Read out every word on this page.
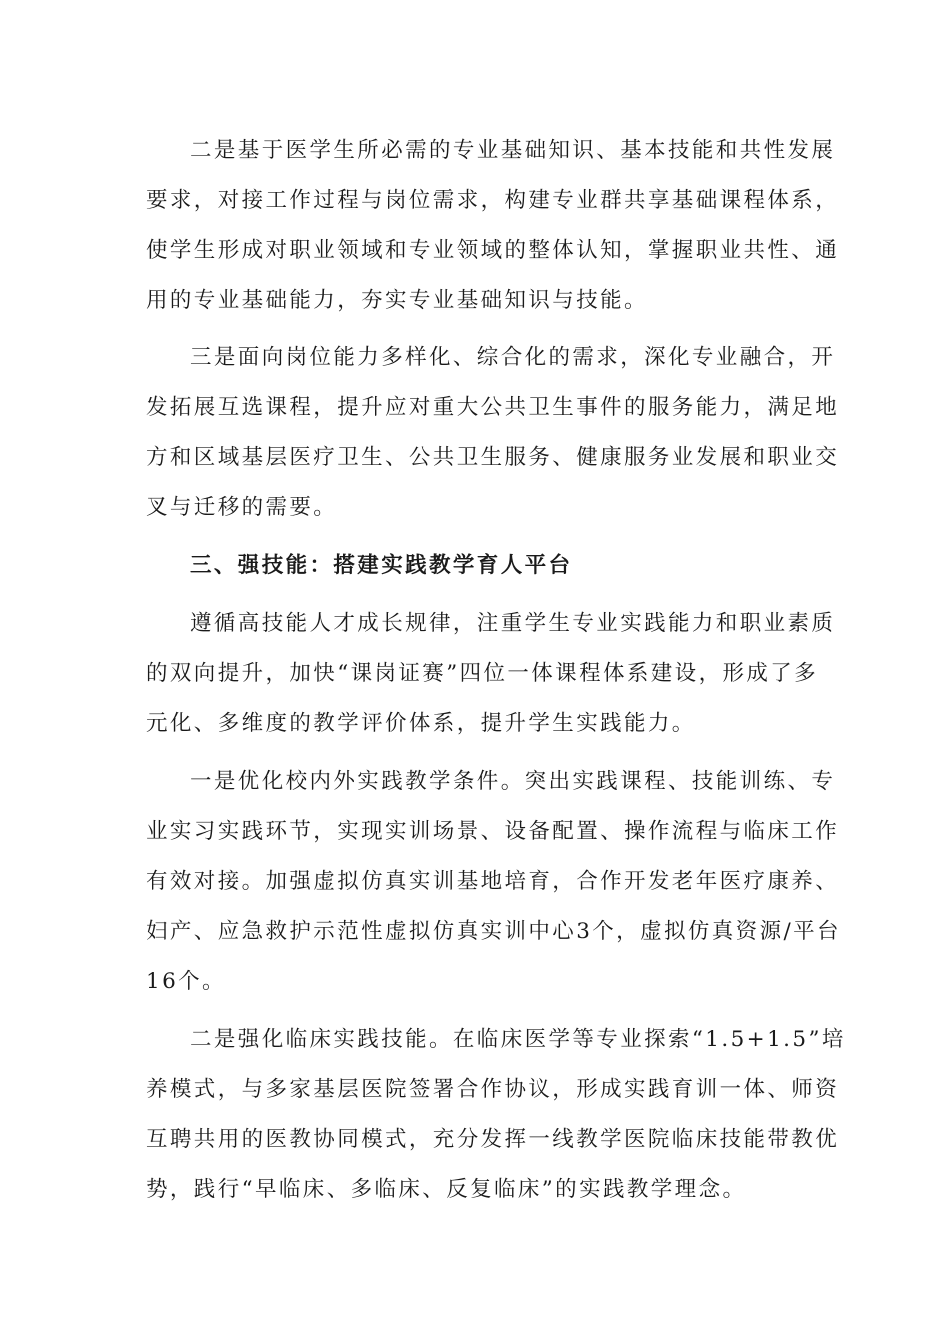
二是基于医学生所必需的专业基础知识、基本技能和共性发展
要求，对接工作过程与岗位需求，构建专业群共享基础课程体系，
使学生形成对职业领域和专业领域的整体认知，掌握职业共性、通
用的专业基础能力，夯实专业基础知识与技能。
三是面向岗位能力多样化、综合化的需求，深化专业融合，开
发拓展互选课程，提升应对重大公共卫生事件的服务能力，满足地
方和区域基层医疗卫生、公共卫生服务、健康服务业发展和职业交
叉与迁移的需要。
三、强技能：搭建实践教学育人平台
遵循高技能人才成长规律，注重学生专业实践能力和职业素质
的双向提升，加快“课岗证赛”四位一体课程体系建设，形成了多
元化、多维度的教学评价体系，提升学生实践能力。
一是优化校内外实践教学条件。突出实践课程、技能训练、专
业实习实践环节，实现实训场景、设备配置、操作流程与临床工作
有效对接。加强虚拟仿真实训基地培育，合作开发老年医疗康养、
妇产、应急救护示范性虚拟仿真实训中心3个，虚拟仿真资源/平台
16个。
二是强化临床实践技能。在临床医学等专业探索“1.5+1.5”培
养模式，与多家基层医院签署合作协议，形成实践育训一体、师资
互聘共用的医教协同模式，充分发挥一线教学医院临床技能带教优
势，践行“早临床、多临床、反复临床”的实践教学理念。
